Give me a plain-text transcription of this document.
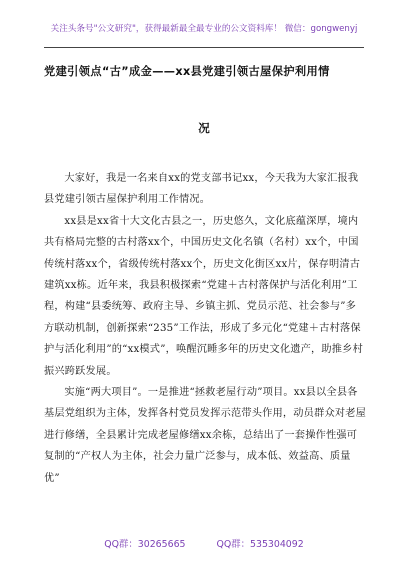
关注头条号"公文研究"，获得最新最全最专业的公文资料库！ 微信：gongwenyj
党建引领点“古”成金——xx县党建引领古屋保护利用情
况

大家好，我是一名来自xx的党支部书记xx，今天我为大家汇报我县党建引领古屋保护利用工作情况。

xx县是xx省十大文化古县之一，历史悠久，文化底蕴深厚，境内共有格局完整的古村落xx个，中国历史文化名镇（名村）xx个，中国传统村落xx个，省级传统村落xx个，历史文化街区xx片，保存明清古建筑xx栋。近年来，我县积极探索“党建＋古村落保护与活化利用”工程，构建“县委统筹、政府主导、乡镇主抓、党员示范、社会参与”多方联动机制，创新探索“235”工作法，形成了多元化“党建＋古村落保护与活化利用”的“xx模式”，唤醒沉睡多年的历史文化遗产，助推乡村振兴跨跃发展。

实施“两大项目”。一是推进“拯救老屋行动”项目。xx县以全县各基层党组织为主体，发挥各村党员发挥示范带头作用，动员群众对老屋进行修缮，全县累计完成老屋修缮xx余栋，总结出了一套操作性强可复制的“产权人为主体，社会力量广泛参与，成本低、效益高、质量优”

QQ群：30265665	QQ群：535304092
